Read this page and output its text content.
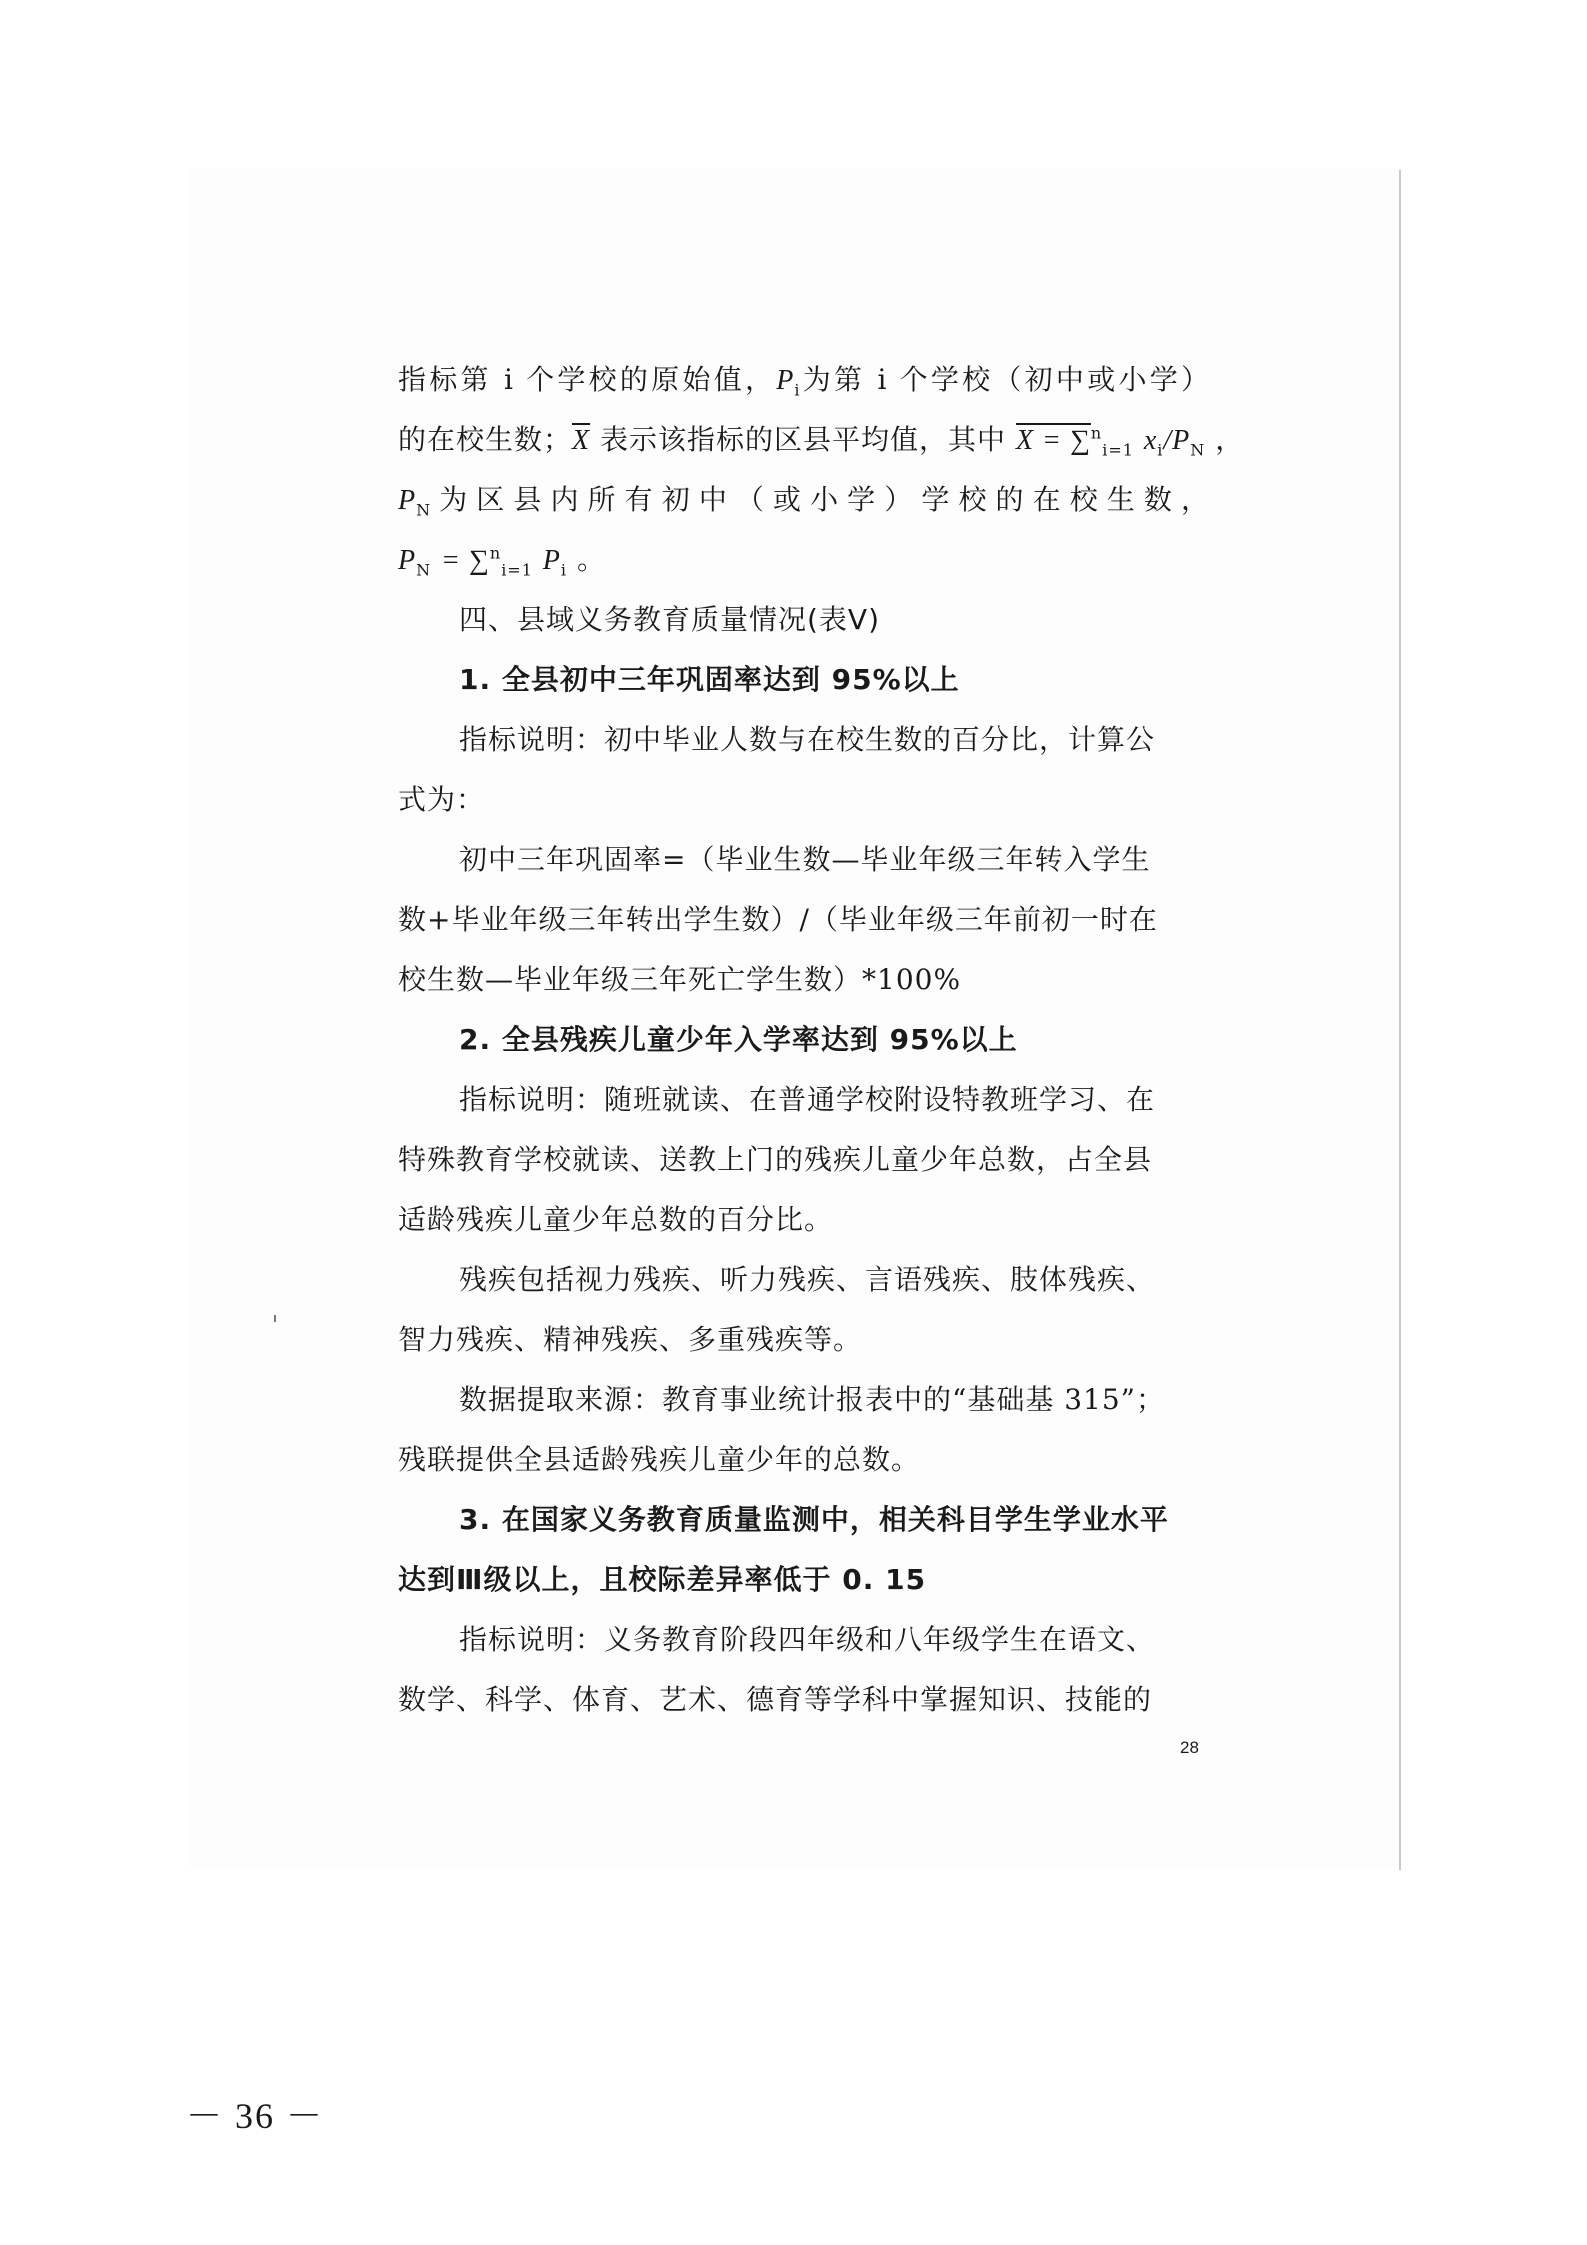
指标第 i 个学校的原始值，$P_i$为第 i 个学校（初中或小学）
的在校生数；$\overline{X}$ 表示该指标的区县平均值，其中 X = ∑$^n_{i=1}$ $x_i/P_N$ ，
$P_N$为区县内所有初中（或小学）学校的在校生数，
$P_N = \sum^n_{i=1}$ $P_i$ 。
四、县域义务教育质量情况(表Ⅴ)
1. 全县初中三年巩固率达到 95%以上
指标说明：初中毕业人数与在校生数的百分比，计算公
式为：
初中三年巩固率=（毕业生数—毕业年级三年转入学生
数+毕业年级三年转出学生数）/（毕业年级三年前初一时在
校生数—毕业年级三年死亡学生数）*100%
2. 全县残疾儿童少年入学率达到 95%以上
指标说明：随班就读、在普通学校附设特教班学习、在
特殊教育学校就读、送教上门的残疾儿童少年总数，占全县
适龄残疾儿童少年总数的百分比。
残疾包括视力残疾、听力残疾、言语残疾、肢体残疾、
智力残疾、精神残疾、多重残疾等。
数据提取来源：教育事业统计报表中的“基础基 315”；
残联提供全县适龄残疾儿童少年的总数。
3. 在国家义务教育质量监测中，相关科目学生学业水平
达到Ⅲ级以上，且校际差异率低于 0. 15
指标说明：义务教育阶段四年级和八年级学生在语文、
数学、科学、体育、艺术、德育等学科中掌握知识、技能的
28
－ 36 －
